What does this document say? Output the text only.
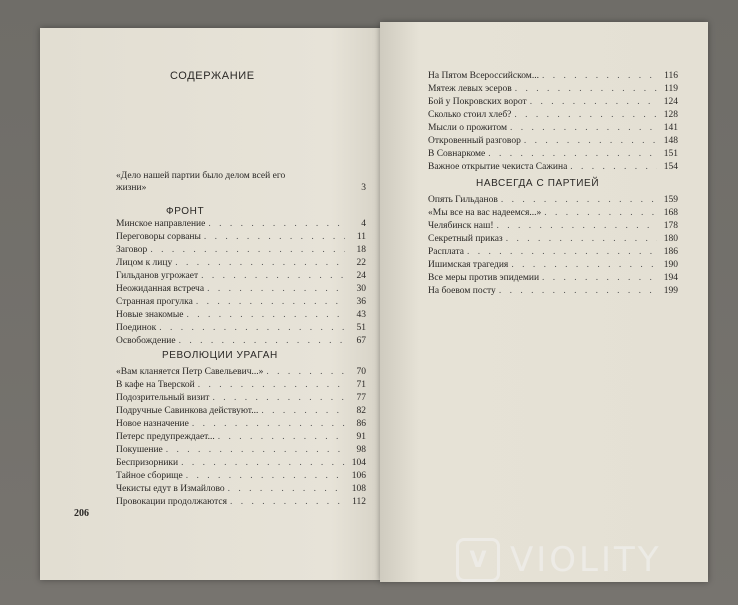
СОДЕРЖАНИЕ
«Дело нашей партии было делом всей его
жизни»	3
ФРОНТ
Минское направление . . .	4
Переговоры сорваны . . .	11
Заговор . . .	18
Лицом к лицу . . .	22
Гильданов угрожает . . .	24
Неожиданная встреча . . .	30
Странная прогулка . . .	36
Новые знакомые . . .	43
Поединок . . .	51
Освобождение . . .	67
РЕВОЛЮЦИИ УРАГАН
«Вам кланяется Петр Савельевич...» . . .	70
В кафе на Тверской . . .	71
Подозрительный визит . . .	77
Подручные Савинкова действуют... . . .	82
Новое назначение . . .	86
Петерс предупреждает... . . .	91
Покушение . . .	98
Беспризорники . . .	104
Тайное сборище . . .	106
Чекисты едут в Измайлово . . .	108
Провокации продолжаются . . .	112
206
На Пятом Всероссийском... . . .	116
Мятеж левых эсеров . . .	119
Бой у Покровских ворот . . .	124
Сколько стоил хлеб? . . .	128
Мысли о прожитом . . .	141
Откровенный разговор . . .	148
В Совнаркоме . . .	151
Важное открытие чекиста Сажина . . .	154
НАВСЕГДА С ПАРТИЕЙ
Опять Гильданов . . .	159
«Мы все на вас надеемся...» . . .	168
Челябинск наш! . . .	178
Секретный приказ . . .	180
Расплата . . .	186
Ишимская трагедия . . .	190
Все меры против эпидемии . . .	194
На боевом посту . . .	199
V VIOLITY
